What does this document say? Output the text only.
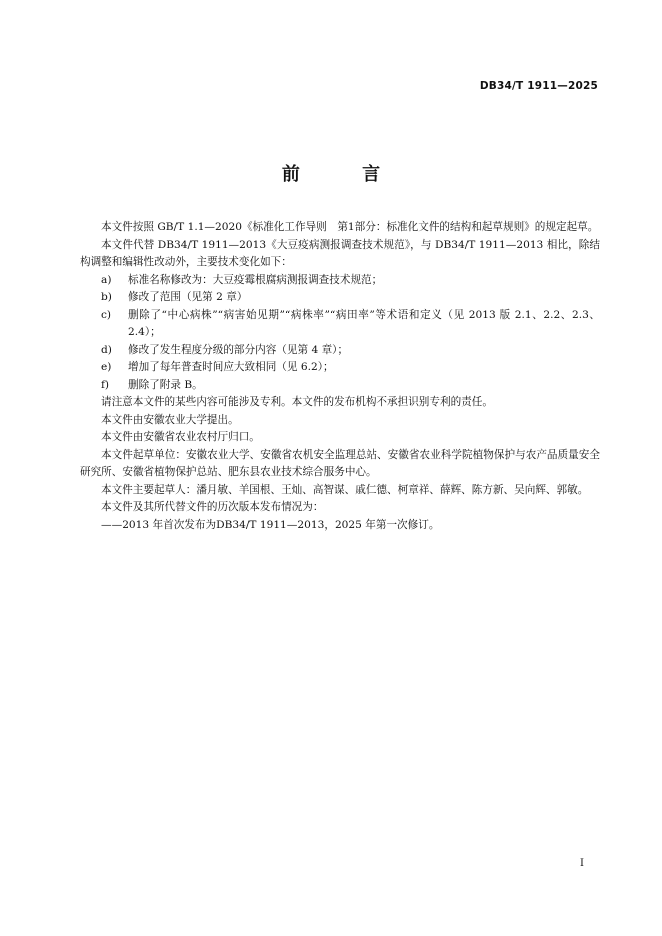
DB34/T 1911—2025
前 言

本文件按照 GB/T 1.1—2020《标准化工作导则　第1部分：标准化文件的结构和起草规则》的规定起草。

本文件代替 DB34/T 1911—2013《大豆疫病测报调查技术规范》，与 DB34/T 1911—2013 相比，除结构调整和编辑性改动外，主要技术变化如下：

a) 标准名称修改为：大豆疫霉根腐病测报调查技术规范；

b) 修改了范围（见第 2 章）

c) 删除了“中心病株”“病害始见期”“病株率”“病田率”等术语和定义（见 2013 版 2.1、2.2、2.3、2.4）；

d) 修改了发生程度分级的部分内容（见第 4 章）；

e) 增加了每年普查时间应大致相同（见 6.2）；

f) 删除了附录 B。

请注意本文件的某些内容可能涉及专利。本文件的发布机构不承担识别专利的责任。

本文件由安徽农业大学提出。

本文件由安徽省农业农村厅归口。

本文件起草单位：安徽农业大学、安徽省农机安全监理总站、安徽省农业科学院植物保护与农产品质量安全研究所、安徽省植物保护总站、肥东县农业技术综合服务中心。

本文件主要起草人：潘月敏、羊国根、王灿、高智谋、戚仁德、柯章祥、薛辉、陈方新、吴向辉、郭敏。

本文件及其所代替文件的历次版本发布情况为：

——2013 年首次发布为DB34/T 1911—2013，2025 年第一次修订。

I
